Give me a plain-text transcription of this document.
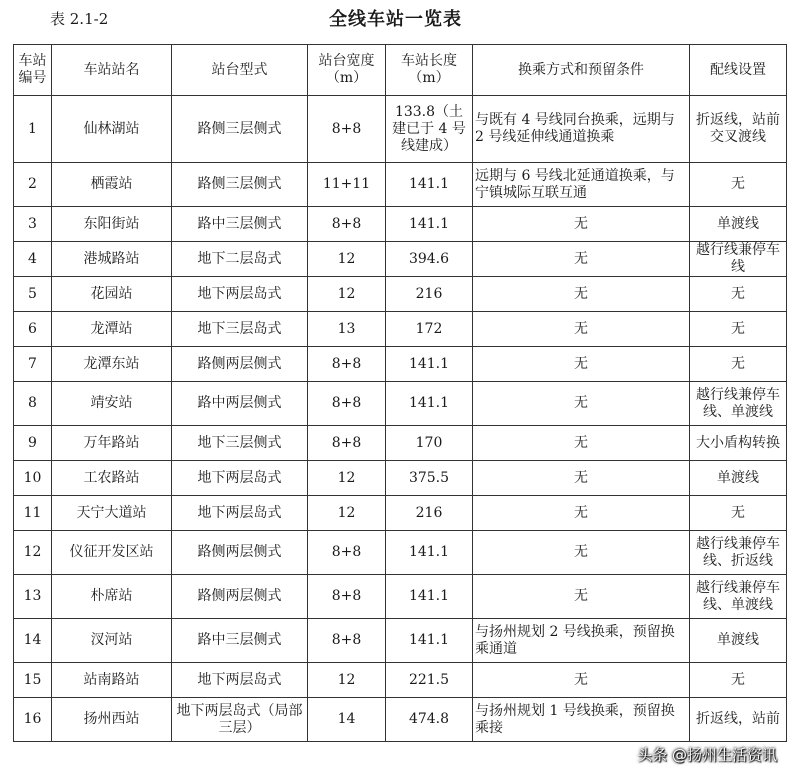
表 2.1-2	全线车站一览表
车站编号	车站站名	站台型式	站台宽度（m）	车站长度（m）	换乘方式和预留条件	配线设置
1	仙林湖站	路侧三层侧式	8+8	133.8（土建已于 4 号线建成）	与既有 4 号线同台换乘，远期与 2 号线延伸线通道换乘	折返线，站前交叉渡线
2	栖霞站	路侧三层侧式	11+11	141.1	远期与 6 号线北延通道换乘，与宁镇城际互联互通	无
3	东阳街站	路中三层侧式	8+8	141.1	无	单渡线
4	港城路站	地下二层岛式	12	394.6	无	越行线兼停车线
5	花园站	地下两层岛式	12	216	无	无
6	龙潭站	地下三层岛式	13	172	无	无
7	龙潭东站	路侧两层侧式	8+8	141.1	无	无
8	靖安站	路中两层侧式	8+8	141.1	无	越行线兼停车线、单渡线
9	万年路站	地下三层侧式	8+8	170	无	大小盾构转换
10	工农路站	地下两层岛式	12	375.5	无	单渡线
11	天宁大道站	地下两层岛式	12	216	无	无
12	仪征开发区站	路侧两层侧式	8+8	141.1	无	越行线兼停车线、折返线
13	朴席站	路侧两层侧式	8+8	141.1	无	越行线兼停车线、单渡线
14	汊河站	路中三层侧式	8+8	141.1	与扬州规划 2 号线换乘，预留换乘通道	单渡线
15	站南路站	地下两层岛式	12	221.5	无	无
16	扬州西站	地下两层岛式（局部三层）	14	474.8	与扬州规划 1 号线换乘，预留换乘接	折返线，站前
头条 @扬州生活资讯
